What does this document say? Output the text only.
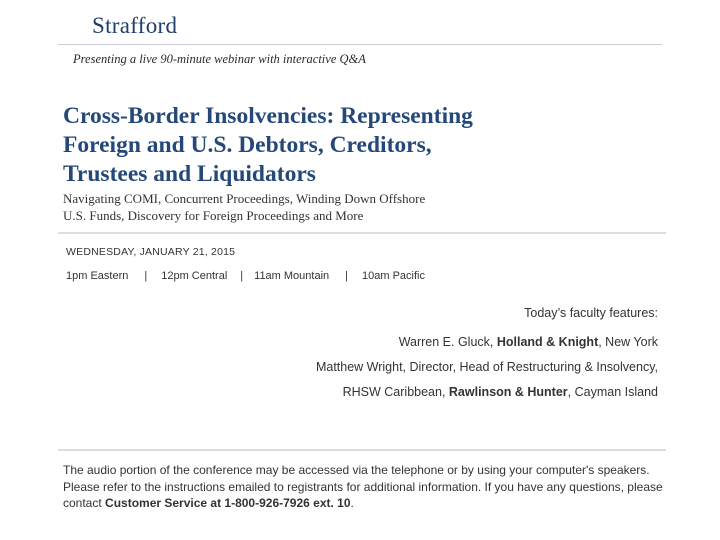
Strafford
Presenting a live 90-minute webinar with interactive Q&A
Cross-Border Insolvencies: Representing
Foreign and U.S. Debtors, Creditors,
Trustees and Liquidators
Navigating COMI, Concurrent Proceedings, Winding Down Offshore
U.S. Funds, Discovery for Foreign Proceedings and More
WEDNESDAY, JANUARY 21, 2015
1pm Eastern | 12pm Central | 11am Mountain | 10am Pacific
Today’s faculty features:
Warren E. Gluck, Holland & Knight, New York
Matthew Wright, Director, Head of Restructuring & Insolvency,
RHSW Caribbean, Rawlinson & Hunter, Cayman Island
The audio portion of the conference may be accessed via the telephone or by using your computer's speakers. Please refer to the instructions emailed to registrants for additional information. If you have any questions, please contact Customer Service at 1-800-926-7926 ext. 10.
